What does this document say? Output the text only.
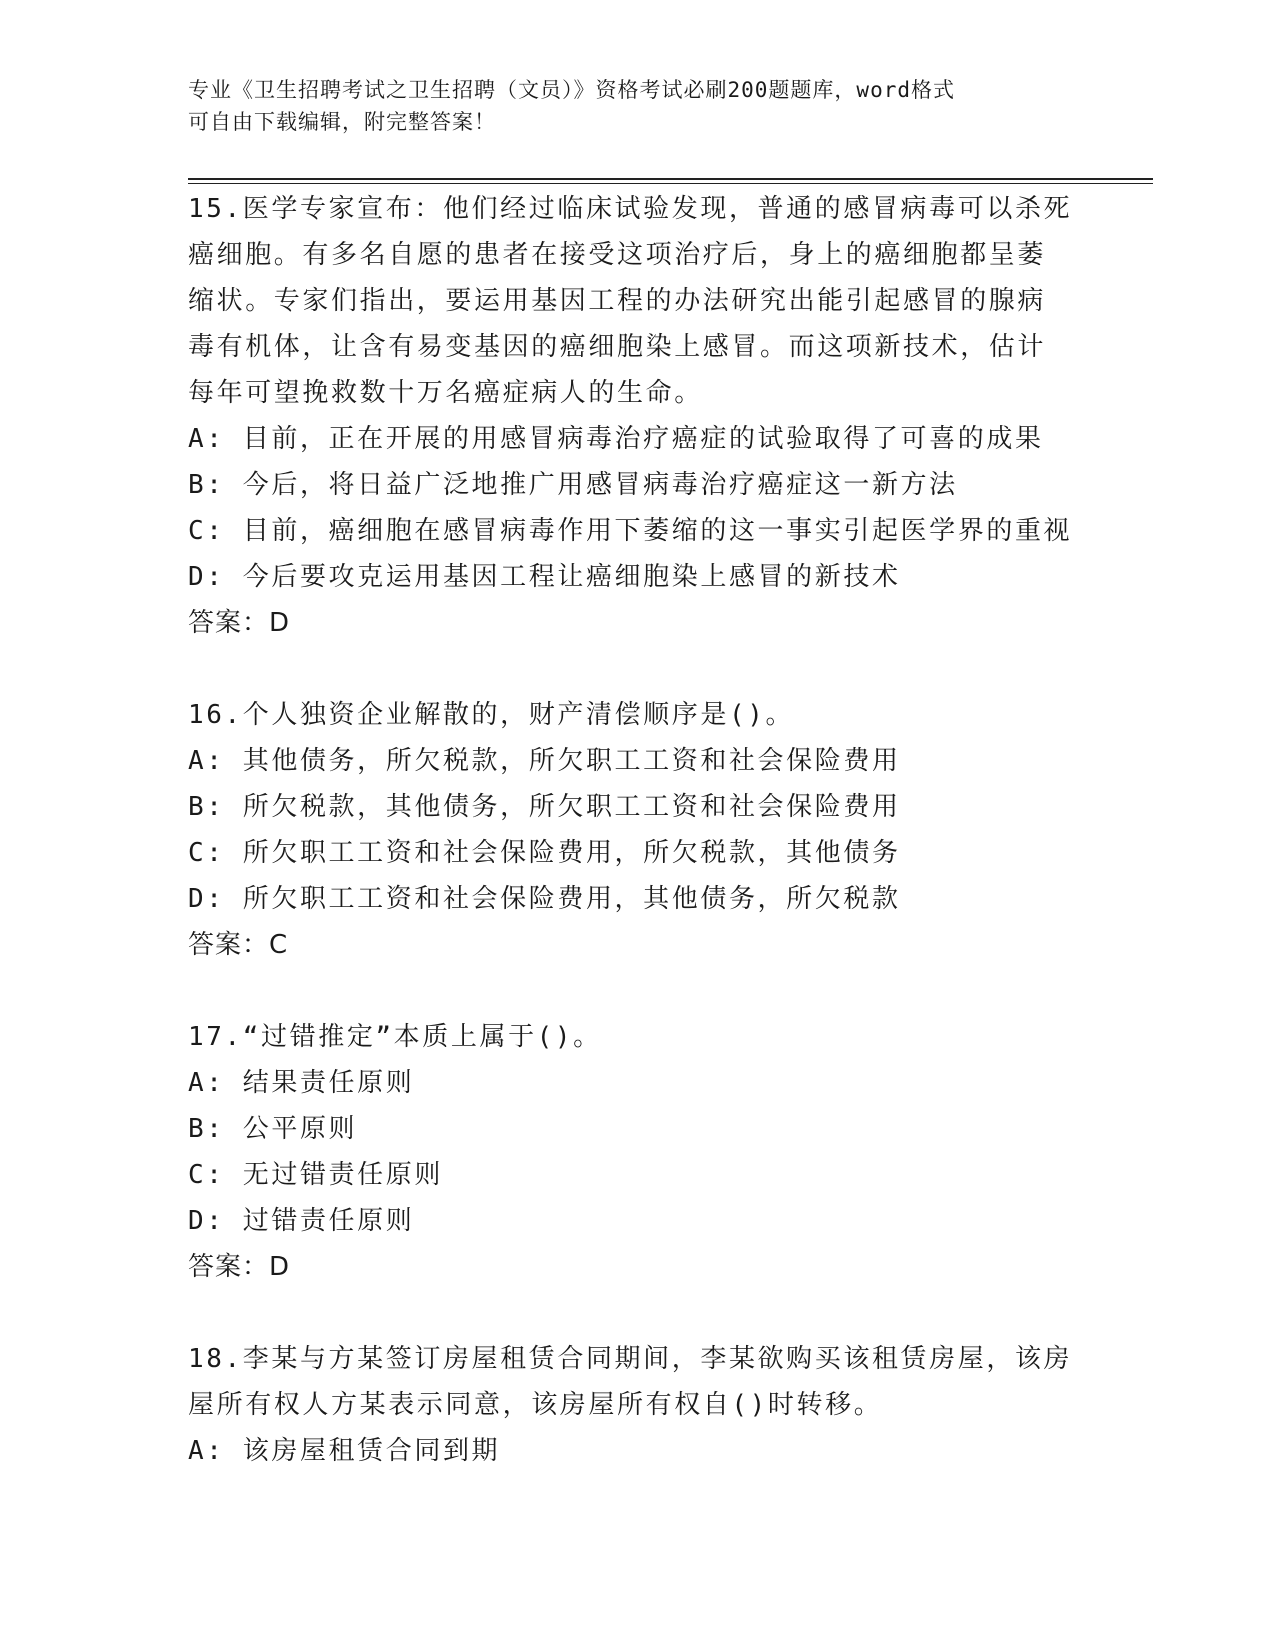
专业《卫生招聘考试之卫生招聘（文员）》资格考试必刷200题题库，word格式
可自由下载编辑，附完整答案！
15.医学专家宣布：他们经过临床试验发现，普通的感冒病毒可以杀死
癌细胞。有多名自愿的患者在接受这项治疗后，身上的癌细胞都呈萎
缩状。专家们指出，要运用基因工程的办法研究出能引起感冒的腺病
毒有机体，让含有易变基因的癌细胞染上感冒。而这项新技术，估计
每年可望挽救数十万名癌症病人的生命。
A: 目前，正在开展的用感冒病毒治疗癌症的试验取得了可喜的成果
B: 今后，将日益广泛地推广用感冒病毒治疗癌症这一新方法
C: 目前，癌细胞在感冒病毒作用下萎缩的这一事实引起医学界的重视
D: 今后要攻克运用基因工程让癌细胞染上感冒的新技术
答案：D
16.个人独资企业解散的，财产清偿顺序是()。
A: 其他债务，所欠税款，所欠职工工资和社会保险费用
B: 所欠税款，其他债务，所欠职工工资和社会保险费用
C: 所欠职工工资和社会保险费用，所欠税款，其他债务
D: 所欠职工工资和社会保险费用，其他债务，所欠税款
答案：C
17.“过错推定”本质上属于()。
A: 结果责任原则
B: 公平原则
C: 无过错责任原则
D: 过错责任原则
答案：D
18.李某与方某签订房屋租赁合同期间，李某欲购买该租赁房屋，该房
屋所有权人方某表示同意，该房屋所有权自()时转移。
A: 该房屋租赁合同到期
